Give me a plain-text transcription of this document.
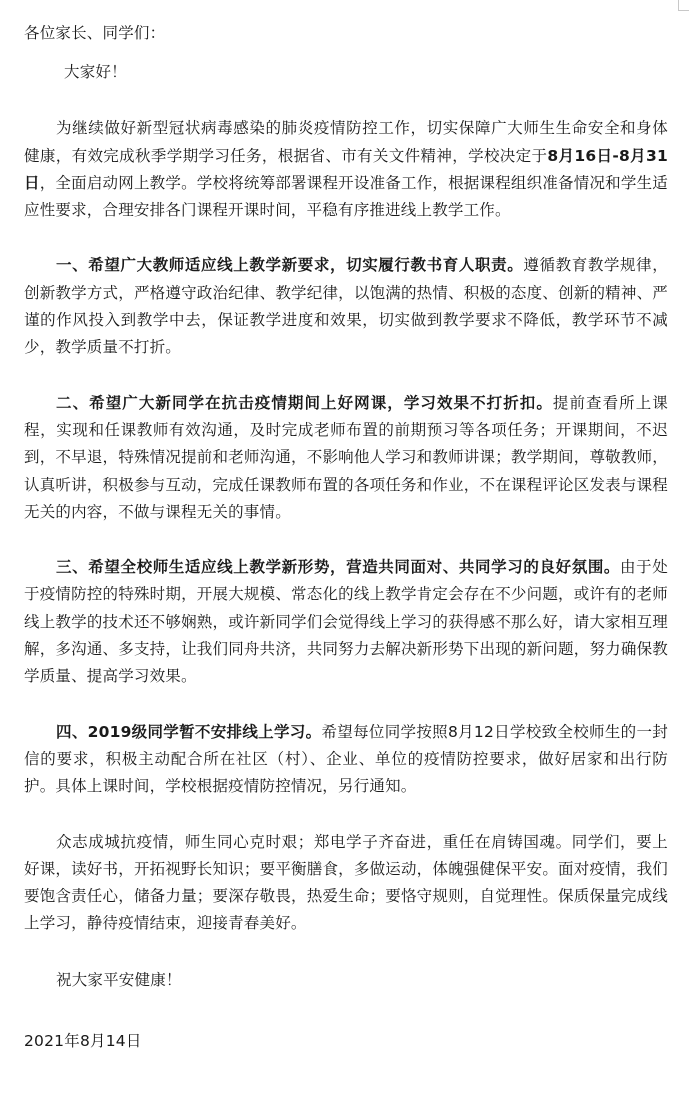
各位家长、同学们：

大家好！

为继续做好新型冠状病毒感染的肺炎疫情防控工作，切实保障广大师生生命安全和身体健康，有效完成秋季学期学习任务，根据省、市有关文件精神，学校决定于8月16日-8月31日，全面启动网上教学。学校将统筹部署课程开设准备工作，根据课程组织准备情况和学生适应性要求，合理安排各门课程开课时间，平稳有序推进线上教学工作。

一、希望广大教师适应线上教学新要求，切实履行教书育人职责。遵循教育教学规律，创新教学方式，严格遵守政治纪律、教学纪律，以饱满的热情、积极的态度、创新的精神、严谨的作风投入到教学中去，保证教学进度和效果，切实做到教学要求不降低，教学环节不减少，教学质量不打折。

二、希望广大新同学在抗击疫情期间上好网课，学习效果不打折扣。提前查看所上课程，实现和任课教师有效沟通，及时完成老师布置的前期预习等各项任务；开课期间，不迟到，不早退，特殊情况提前和老师沟通，不影响他人学习和教师讲课；教学期间，尊敬教师，认真听讲，积极参与互动，完成任课教师布置的各项任务和作业，不在课程评论区发表与课程无关的内容，不做与课程无关的事情。

三、希望全校师生适应线上教学新形势，营造共同面对、共同学习的良好氛围。由于处于疫情防控的特殊时期，开展大规模、常态化的线上教学肯定会存在不少问题，或许有的老师线上教学的技术还不够娴熟，或许新同学们会觉得线上学习的获得感不那么好，请大家相互理解，多沟通、多支持，让我们同舟共济，共同努力去解决新形势下出现的新问题，努力确保教学质量、提高学习效果。

四、2019级同学暂不安排线上学习。希望每位同学按照8月12日学校致全校师生的一封信的要求，积极主动配合所在社区（村）、企业、单位的疫情防控要求，做好居家和出行防护。具体上课时间，学校根据疫情防控情况，另行通知。

众志成城抗疫情，师生同心克时艰；郑电学子齐奋进，重任在肩铸国魂。同学们，要上好课，读好书，开拓视野长知识；要平衡膳食，多做运动，体魄强健保平安。面对疫情，我们要饱含责任心，储备力量；要深存敬畏，热爱生命；要恪守规则，自觉理性。保质保量完成线上学习，静待疫情结束，迎接青春美好。

祝大家平安健康！

2021年8月14日
